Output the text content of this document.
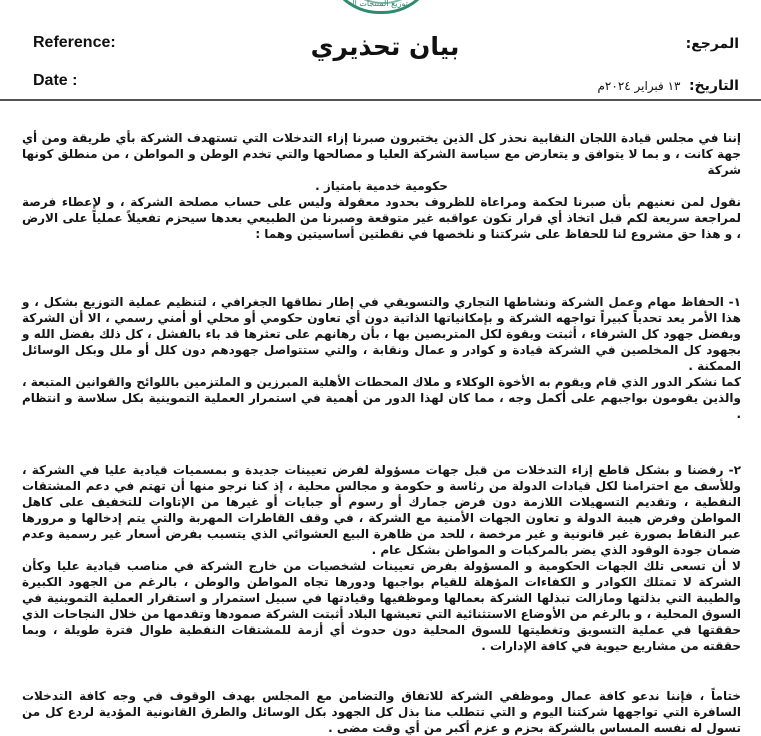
شركة توزيع المنتجات النفطية
Reference:
Date :
بيان تحذيري	المرجع:
التاريخ: ١٣ فبراير ٢٠٢٤م

إننا في مجلس قيادة اللجان النقابية نحذر كل الذين يختبرون صبرنا إزاء التدخلات التي تستهدف الشركة بأي طريقة ومن أي جهة كانت ، و بما لا يتوافق و يتعارض مع سياسة الشركة العليا و مصالحها والتي تخدم الوطن و المواطن ، من منطلق كونها شركة

حكومية خدمية بامتياز .

نقول لمن نعنيهم بأن صبرنا لحكمة ومراعاة للظروف بحدود معقولة وليس على حساب مصلحة الشركة ، و لإعطاء فرصة لمراجعة سريعة لكم قبل اتخاذ أي قرار تكون عواقبه غير متوقعة وصبرنا من الطبيعي بعدها سيحزم تفعيلاً عملياً على الارض ، و هذا حق مشروع لنا للحفاظ على شركتنا و نلخصها في نقطتين أساسيتين وهما :

١- الحفاظ مهام وعمل الشركة ونشاطها التجاري والتسويقي في إطار نطاقها الجغرافي ، لتنظيم عملية التوزيع بشكل ، و هذا الأمر يعد تحدياً كبيراً تواجهه الشركة و بإمكانياتها الذاتية دون أي تعاون حكومي أو محلي أو أمني رسمي ، الا أن الشركة وبفضل جهود كل الشرفاء ، أثبتت وبقوة لكل المتربصين بها ، بأن رهانهم على تعثرها قد باء بالفشل ، كل ذلك بفضل الله و بجهود كل المخلصين في الشركة قيادة و كوادر و عمال ونقابة ، والتي ستتواصل جهودهم دون كلل أو ملل وبكل الوسائل الممكنة .

كما نشكر الدور الذي قام ويقوم به الأخوة الوكلاء و ملاك المحطات الأهلية المبرزين و الملتزمين باللوائح والقوانين المتبعة ، والذين يقومون بواجبهم على أكمل وجه ، مما كان لهذا الدور من أهمية في استمرار العملية التموينية بكل سلاسة و انتظام .

٢- رفضنا و بشكل قاطع إزاء التدخلات من قبل جهات مسؤولة لفرض تعيينات جديدة و بمسميات قيادية عليا في الشركة ، وللأسف مع احترامنا لكل قيادات الدولة من رئاسة و حكومة و مجالس محلية ، إذ كنا نرجو منها أن تهتم في دعم المشتقات النفطية ، وتقديم التسهيلات اللازمة دون فرض جمارك أو رسوم أو جبايات أو غيرها من الإتاوات للتخفيف على كاهل المواطن وفرض هيبة الدولة و تعاون الجهات الأمنية مع الشركة ، في وقف القاطرات المهربة والتي يتم إدخالها و مرورها عبر النقاط بصورة غير قانونية و غير مرخصة ، للحد من ظاهرة البيع العشوائي الذي يتسبب بفرض أسعار غير رسمية وعدم ضمان جودة الوقود الذي يضر بالمركبات و المواطن بشكل عام .

لا أن تسعى تلك الجهات الحكومية و المسؤولة بفرض تعيينات لشخصيات من خارج الشركة في مناصب قيادية عليا وكأن الشركة لا تمتلك الكوادر و الكفاءات المؤهلة للقيام بواجبها ودورها تجاه المواطن والوطن ، بالرغم من الجهود الكبيرة والطيبة التي بذلتها ومازالت تبذلها الشركة بعمالها وموظفيها وقيادتها في سبيل استمرار و استقرار العملية التموينية في السوق المحلية ، و بالرغم من الأوضاع الاستثنائية التي تعيشها البلاد أثبتت الشركة صمودها وتقدمها من خلال النجاحات الذي حققتها في عملية التسويق وتغطيتها للسوق المحلية دون حدوث أي أزمة للمشتقات النفطية طوال فترة طويلة ، وبما حققته من مشاريع حيوية في كافة الإدارات .

ختاماً ، فإننا ندعو كافة عمال وموظفي الشركة للاتفاق والتضامن مع المجلس بهدف الوقوف في وجه كافة التدخلات السافرة التي تواجهها شركتنا اليوم و التي تتطلب منا بذل كل الجهود بكل الوسائل والطرق القانونية المؤدية لردع كل من تسول له نفسه المساس بالشركة بحزم و عزم أكبر من أي وقت مضى .
